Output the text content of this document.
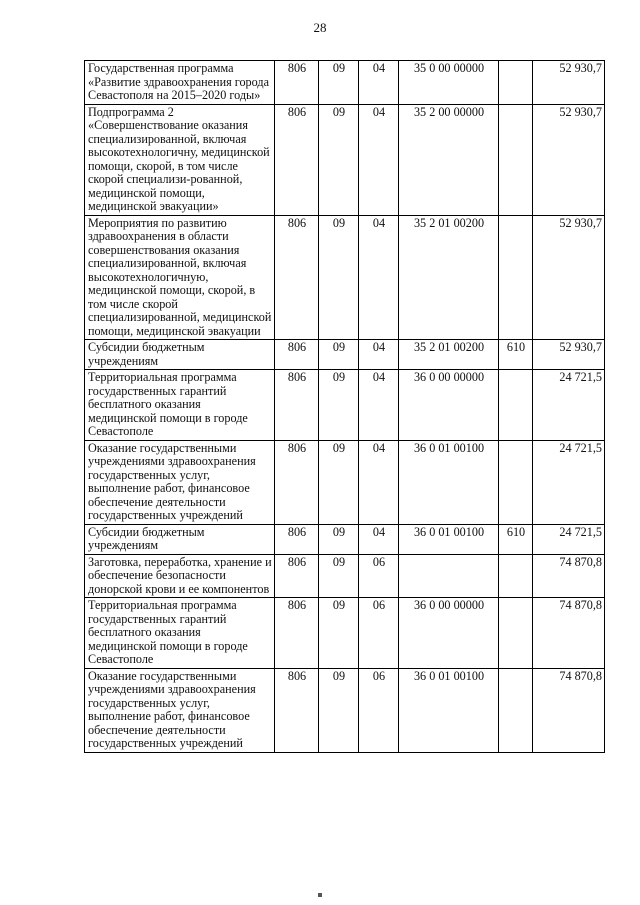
28
Государственная программа «Развитие здравоохранения города Севастополя на 2015–2020 годы»	806	09	04	35 0 00 00000		52 930,7
Подпрограмма 2 «Совершенствование оказания специализированной, включая высокотехнологичну, медицинской помощи, скорой, в том числе скорой специализи-рованной, медицинской помощи, медицинской эвакуации»	806	09	04	35 2 00 00000		52 930,7
Мероприятия по развитию здравоохранения в области совершенствования оказания специализированной, включая высокотехнологичную, медицинской помощи, скорой, в том числе скорой специализированной, медицинской помощи, медицинской эвакуации	806	09	04	35 2 01 00200		52 930,7
Субсидии бюджетным учреждениям	806	09	04	35 2 01 00200	610	52 930,7
Территориальная программа государственных гарантий бесплатного оказания медицинской помощи в городе Севастополе	806	09	04	36 0 00 00000		24 721,5
Оказание государственными учреждениями здравоохранения государственных услуг, выполнение работ, финансовое обеспечение деятельности государственных учреждений	806	09	04	36 0 01 00100		24 721,5
Субсидии бюджетным учреждениям	806	09	04	36 0 01 00100	610	24 721,5
Заготовка, переработка, хранение и обеспечение безопасности донорской крови и ее компонентов	806	09	06			74 870,8
Территориальная программа государственных гарантий бесплатного оказания медицинской помощи в городе Севастополе	806	09	06	36 0 00 00000		74 870,8
Оказание государственными учреждениями здравоохранения государственных услуг, выполнение работ, финансовое обеспечение деятельности государственных учреждений	806	09	06	36 0 01 00100		74 870,8
